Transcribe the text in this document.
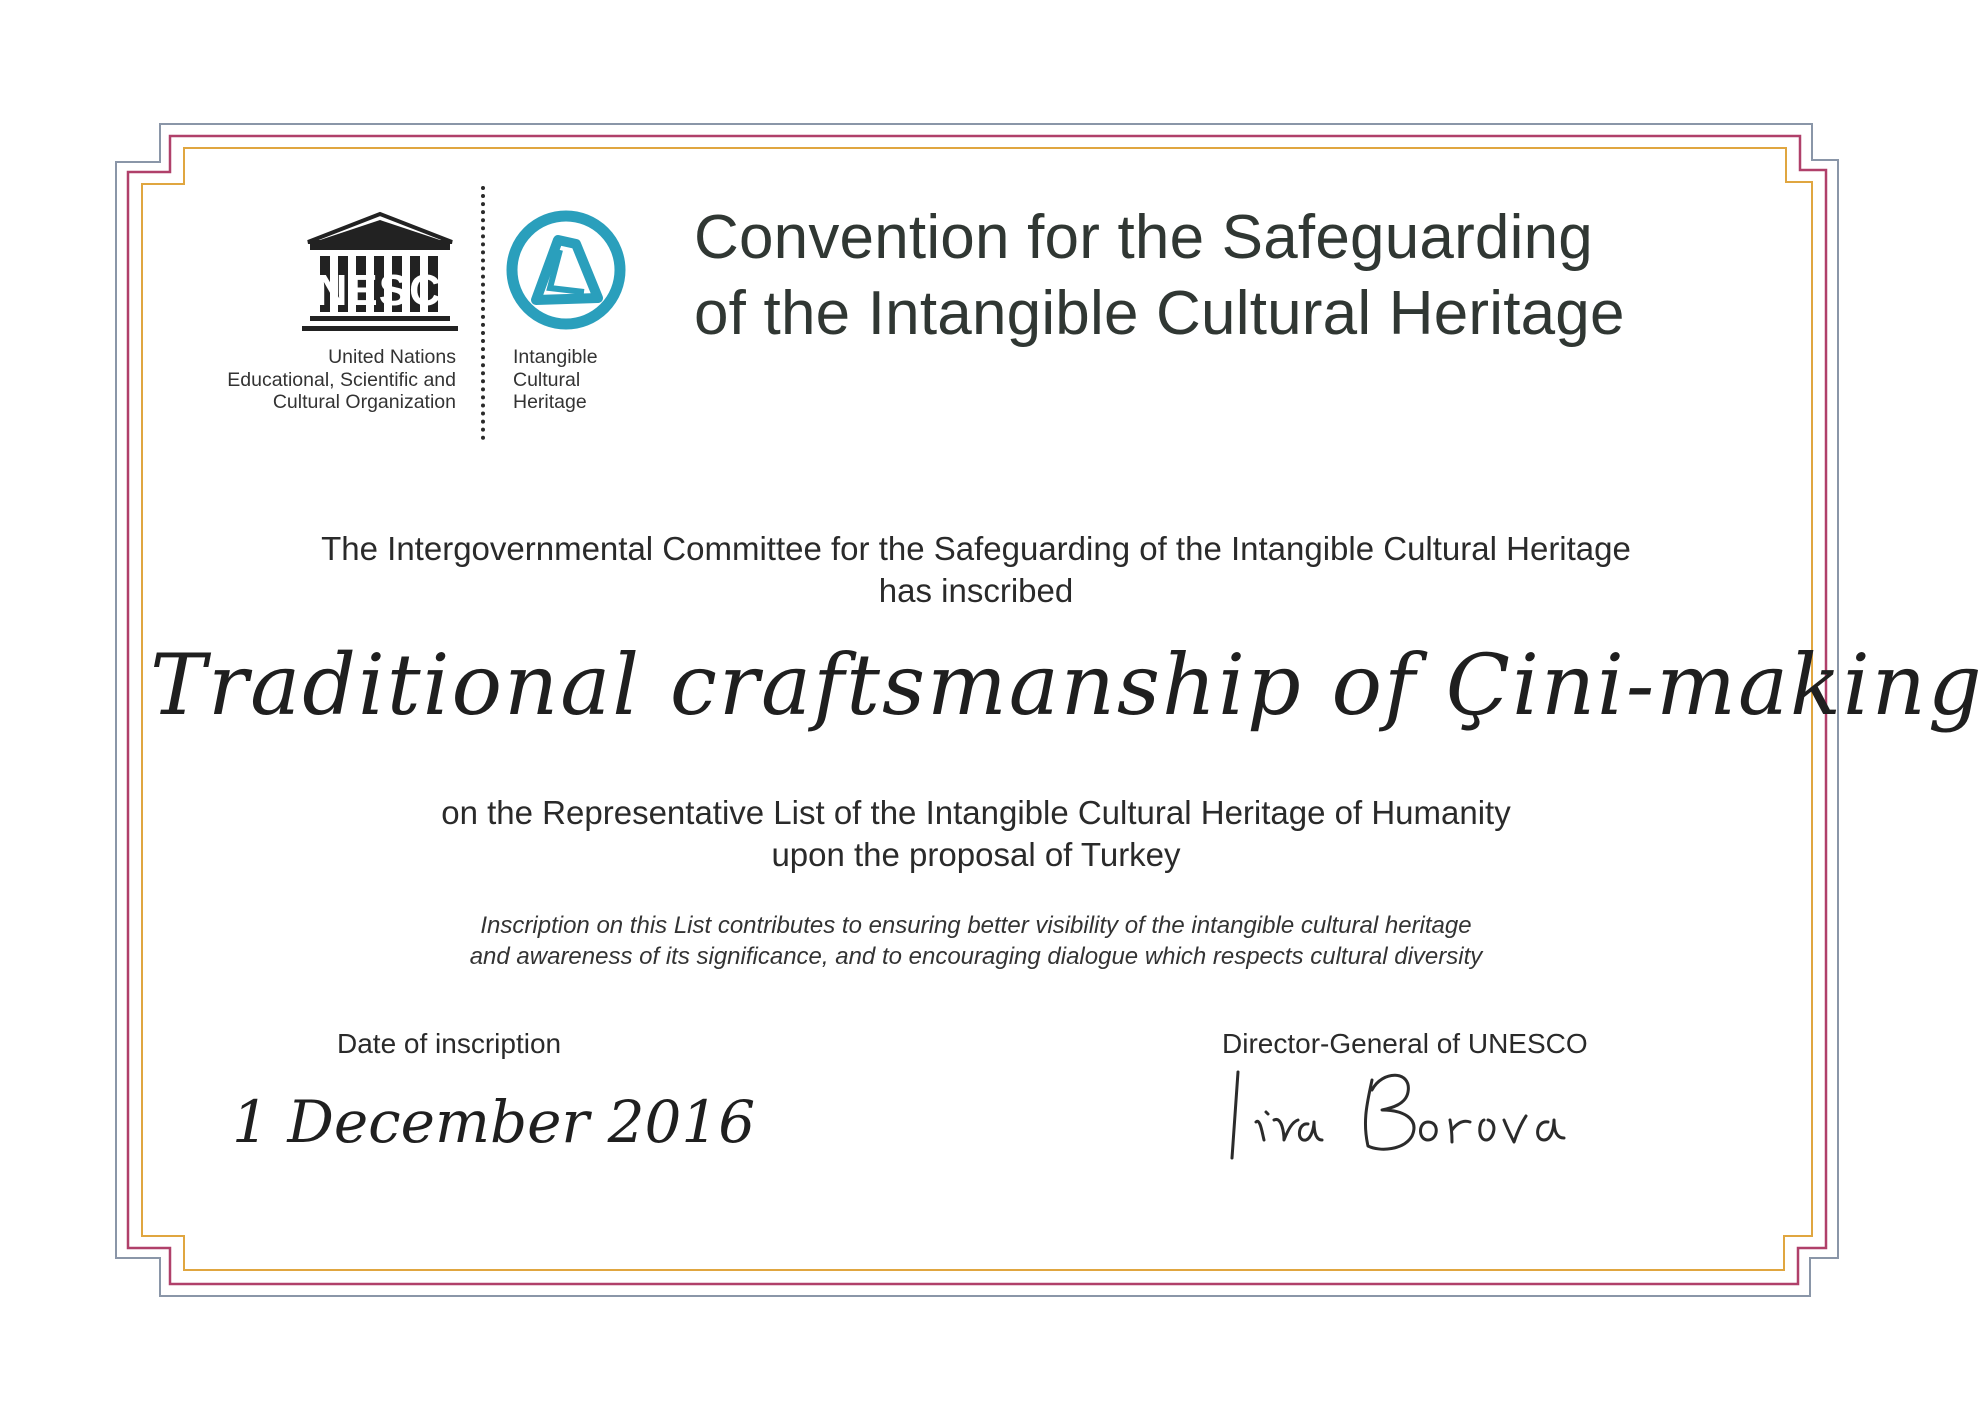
UNESCO
United Nations
Educational, Scientific and
Cultural Organization
Intangible
Cultural
Heritage
Convention for the Safeguarding
of the Intangible Cultural Heritage
The Intergovernmental Committee for the Safeguarding of the Intangible Cultural Heritage
has inscribed
Traditional craftsmanship of Çini-making
on the Representative List of the Intangible Cultural Heritage of Humanity
upon the proposal of Turkey
Inscription on this List contributes to ensuring better visibility of the intangible cultural heritage
and awareness of its significance, and to encouraging dialogue which respects cultural diversity
Date of inscription
1 December 2016
Director-General of UNESCO
